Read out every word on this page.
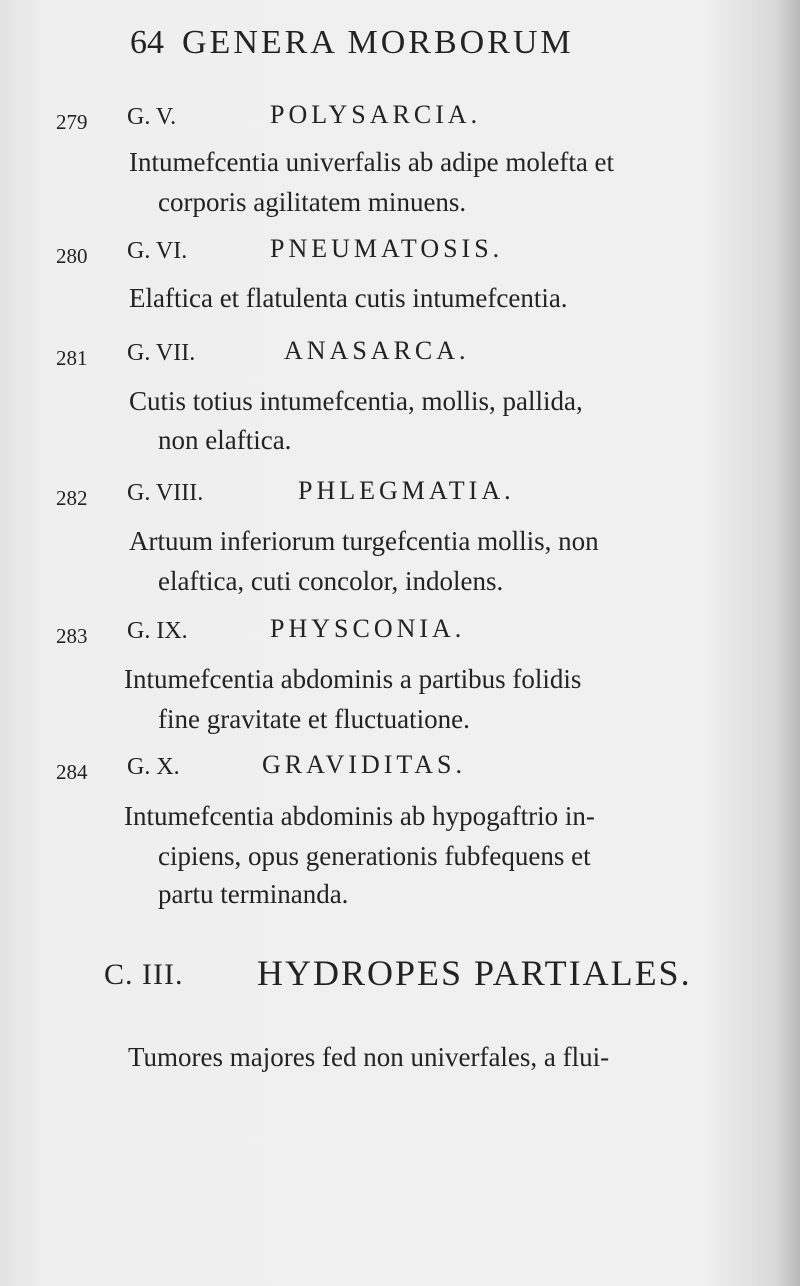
64 GENERA MORBORUM
279 G. V.	POLYSARCIA.
Intumefcentia univerfalis ab adipe molefta et
corporis agilitatem minuens.
280 G. VI.	PNEUMATOSIS.
Elaftica et flatulenta cutis intumefcentia.
281 G. VII.	ANASARCA.
Cutis totius intumefcentia, mollis, pallida,
non elaftica.
282 G. VIII.	PHLEGMATIA.
Artuum inferiorum turgefcentia mollis, non
elaftica, cuti concolor, indolens.
283 G. IX.	PHYSCONIA.
Intumefcentia abdominis a partibus folidis
fine gravitate et fluctuatione.
284 G. X.	GRAVIDITAS.
Intumefcentia abdominis ab hypogaftrio in-
cipiens, opus generationis fubfequens et
partu terminanda.
C. III. HYDROPES PARTIALES.
Tumores majores fed non univerfales, a flui-
